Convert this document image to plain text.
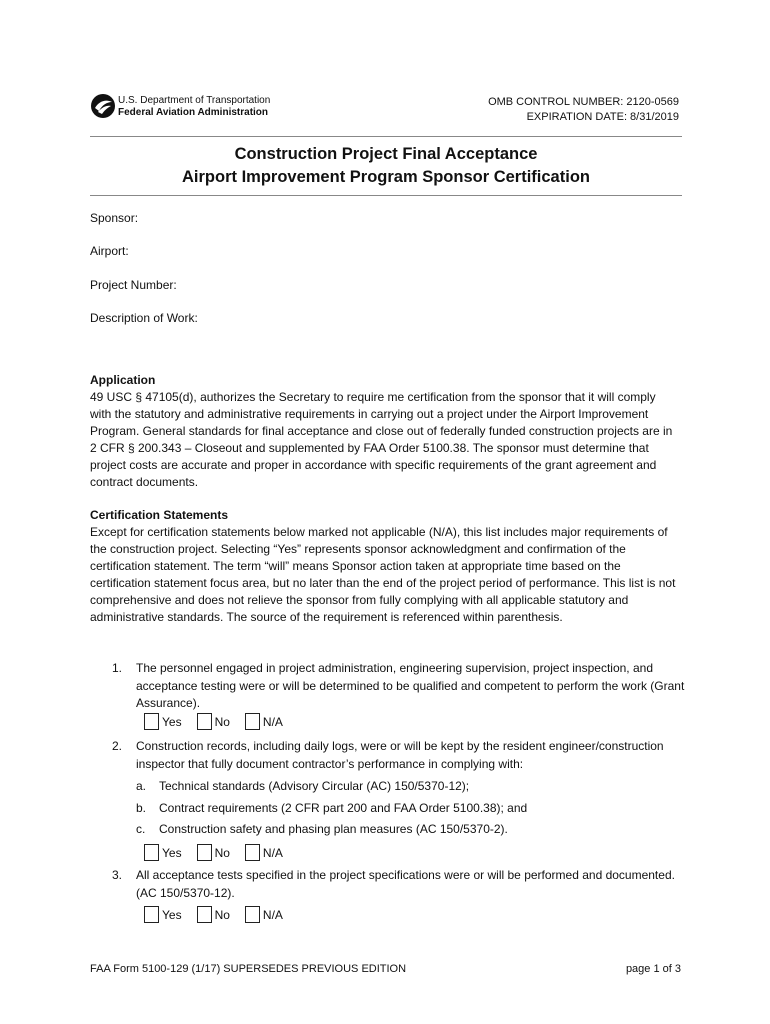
U.S. Department of Transportation
Federal Aviation Administration
OMB CONTROL NUMBER: 2120-0569
EXPIRATION DATE: 8/31/2019
Construction Project Final Acceptance
Airport Improvement Program Sponsor Certification
Sponsor:
Airport:
Project Number:
Description of Work:
Application
49 USC § 47105(d), authorizes the Secretary to require me certification from the sponsor that it will comply with the statutory and administrative requirements in carrying out a project under the Airport Improvement Program. General standards for final acceptance and close out of federally funded construction projects are in 2 CFR § 200.343 – Closeout and supplemented by FAA Order 5100.38. The sponsor must determine that project costs are accurate and proper in accordance with specific requirements of the grant agreement and contract documents.
Certification Statements
Except for certification statements below marked not applicable (N/A), this list includes major requirements of the construction project. Selecting “Yes” represents sponsor acknowledgment and confirmation of the certification statement. The term “will” means Sponsor action taken at appropriate time based on the certification statement focus area, but no later than the end of the project period of performance. This list is not comprehensive and does not relieve the sponsor from fully complying with all applicable statutory and administrative standards. The source of the requirement is referenced within parenthesis.
1. The personnel engaged in project administration, engineering supervision, project inspection, and acceptance testing were or will be determined to be qualified and competent to perform the work (Grant Assurance).
Yes	No	N/A
2. Construction records, including daily logs, were or will be kept by the resident engineer/construction inspector that fully document contractor’s performance in complying with:
a. Technical standards (Advisory Circular (AC) 150/5370-12);
b. Contract requirements (2 CFR part 200 and FAA Order 5100.38); and
c. Construction safety and phasing plan measures (AC 150/5370-2).
Yes	No	N/A
3. All acceptance tests specified in the project specifications were or will be performed and documented. (AC 150/5370-12).
Yes	No	N/A
FAA Form 5100-129 (1/17) SUPERSEDES PREVIOUS EDITION	page 1 of 3
